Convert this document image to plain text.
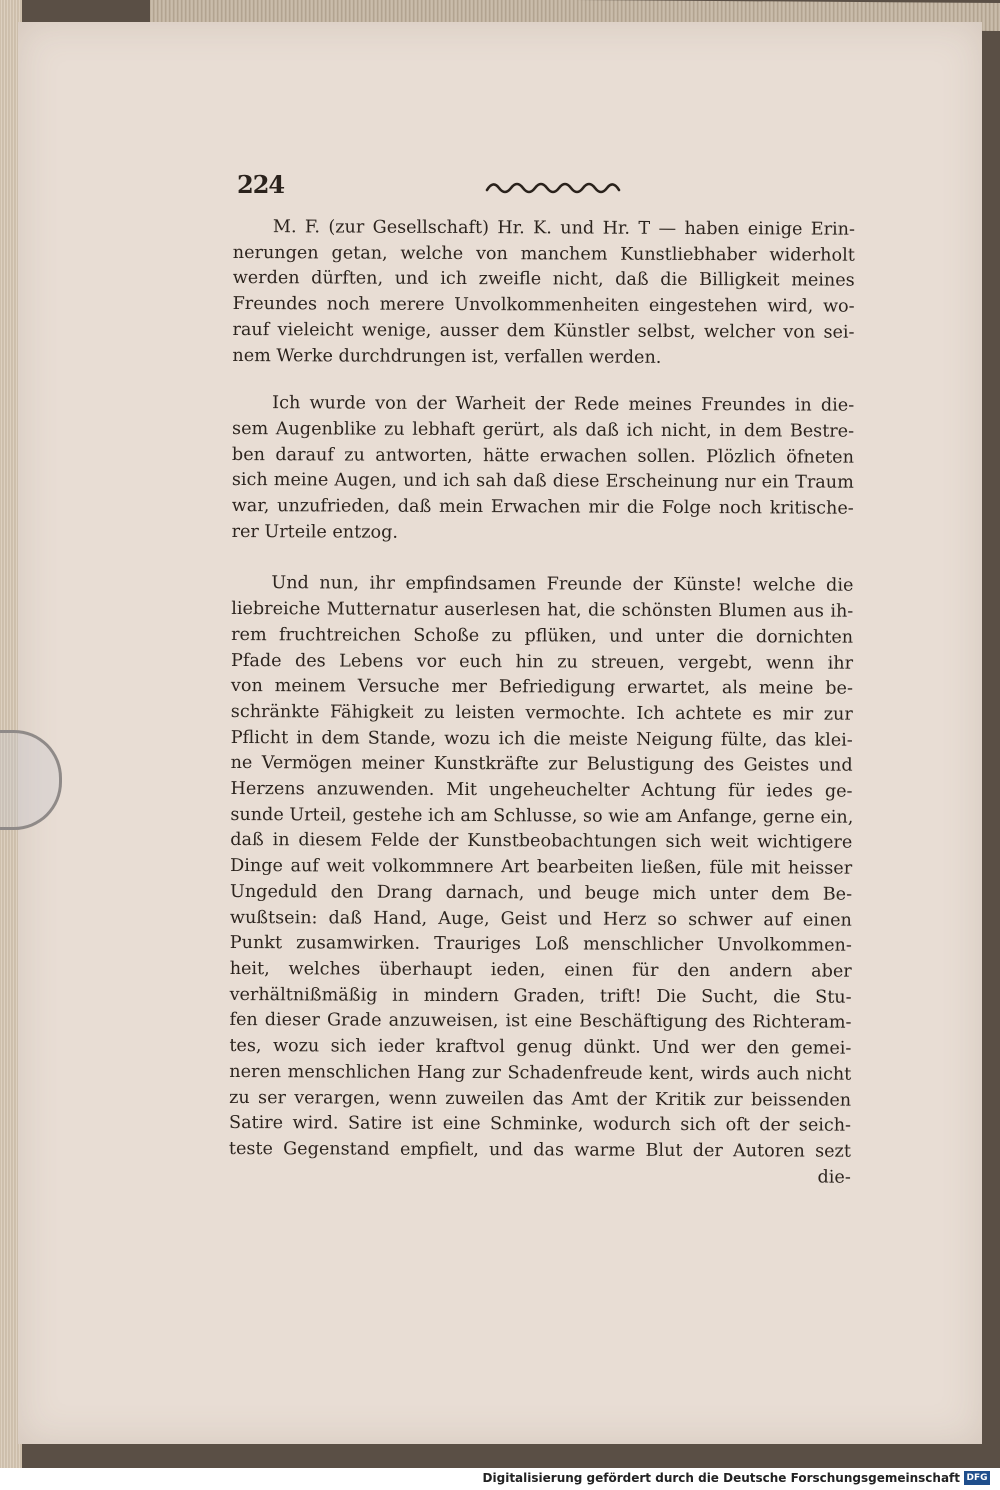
224
M. F. (zur Gesellschaft) Hr. K. und Hr. T — haben einige Erin-
nerungen getan, welche von manchem Kunstliebhaber widerholt
werden dürften, und ich zweifle nicht, daß die Billigkeit meines
Freundes noch merere Unvolkommenheiten eingestehen wird, wo-
rauf vieleicht wenige, ausser dem Künstler selbst, welcher von sei-
nem Werke durchdrungen ist, verfallen werden.
Ich wurde von der Warheit der Rede meines Freundes in die-
sem Augenblike zu lebhaft gerürt, als daß ich nicht, in dem Bestre-
ben darauf zu antworten, hätte erwachen sollen. Plözlich öfneten
sich meine Augen, und ich sah daß diese Erscheinung nur ein Traum
war, unzufrieden, daß mein Erwachen mir die Folge noch kritische-
rer Urteile entzog.
Und nun, ihr empfindsamen Freunde der Künste! welche die
liebreiche Mutternatur auserlesen hat, die schönsten Blumen aus ih-
rem fruchtreichen Schoße zu pflüken, und unter die dornichten
Pfade des Lebens vor euch hin zu streuen, vergebt, wenn ihr
von meinem Versuche mer Befriedigung erwartet, als meine be-
schränkte Fähigkeit zu leisten vermochte. Ich achtete es mir zur
Pflicht in dem Stande, wozu ich die meiste Neigung fülte, das klei-
ne Vermögen meiner Kunstkräfte zur Belustigung des Geistes und
Herzens anzuwenden. Mit ungeheuchelter Achtung für iedes ge-
sunde Urteil, gestehe ich am Schlusse, so wie am Anfange, gerne ein,
daß in diesem Felde der Kunstbeobachtungen sich weit wichtigere
Dinge auf weit volkommnere Art bearbeiten ließen, füle mit heisser
Ungeduld den Drang darnach, und beuge mich unter dem Be-
wußtsein: daß Hand, Auge, Geist und Herz so schwer auf einen
Punkt zusamwirken. Trauriges Loß menschlicher Unvolkommen-
heit, welches überhaupt ieden, einen für den andern aber
verhältnißmäßig in mindern Graden, trift! Die Sucht, die Stu-
fen dieser Grade anzuweisen, ist eine Beschäftigung des Richteram-
tes, wozu sich ieder kraftvol genug dünkt. Und wer den gemei-
neren menschlichen Hang zur Schadenfreude kent, wirds auch nicht
zu ser verargen, wenn zuweilen das Amt der Kritik zur beissenden
Satire wird. Satire ist eine Schminke, wodurch sich oft der seich-
teste Gegenstand empfielt, und das warme Blut der Autoren sezt
die-
Digitalisierung gefördert durch die Deutsche Forschungsgemeinschaft DFG
